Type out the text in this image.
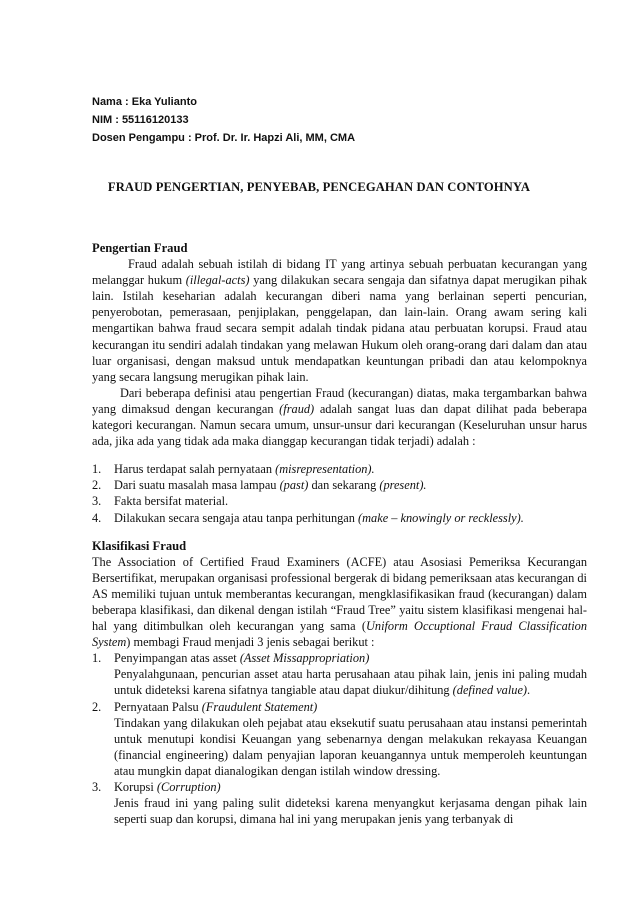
Nama : Eka Yulianto
NIM : 55116120133
Dosen Pengampu : Prof. Dr. Ir. Hapzi Ali, MM, CMA
FRAUD PENGERTIAN, PENYEBAB, PENCEGAHAN DAN CONTOHNYA
Pengertian Fraud

Fraud adalah sebuah istilah di bidang IT yang artinya sebuah perbuatan kecurangan yang melanggar hukum (illegal-acts) yang dilakukan secara sengaja dan sifatnya dapat merugikan pihak lain. Istilah keseharian adalah kecurangan diberi nama yang berlainan seperti pencurian, penyerobotan, pemerasaan, penjiplakan, penggelapan, dan lain-lain. Orang awam sering kali mengartikan bahwa fraud secara sempit adalah tindak pidana atau perbuatan korupsi. Fraud atau kecurangan itu sendiri adalah tindakan yang melawan Hukum oleh orang-orang dari dalam dan atau luar organisasi, dengan maksud untuk mendapatkan keuntungan pribadi dan atau kelompoknya yang secara langsung merugikan pihak lain.

Dari beberapa definisi atau pengertian Fraud (kecurangan) diatas, maka tergambarkan bahwa yang dimaksud dengan kecurangan (fraud) adalah sangat luas dan dapat dilihat pada beberapa kategori kecurangan. Namun secara umum, unsur-unsur dari kecurangan (Keseluruhan unsur harus ada, jika ada yang tidak ada maka dianggap kecurangan tidak terjadi) adalah :

1. Harus terdapat salah pernyataan (misrepresentation).
2. Dari suatu masalah masa lampau (past) dan sekarang (present).
3. Fakta bersifat material.
4. Dilakukan secara sengaja atau tanpa perhitungan (make – knowingly or recklessly).
Klasifikasi Fraud

The Association of Certified Fraud Examiners (ACFE) atau Asosiasi Pemeriksa Kecurangan Bersertifikat, merupakan organisasi professional bergerak di bidang pemeriksaan atas kecurangan di AS memiliki tujuan untuk memberantas kecurangan, mengklasifikasikan fraud (kecurangan) dalam beberapa klasifikasi, dan dikenal dengan istilah “Fraud Tree” yaitu sistem klasifikasi mengenai hal-hal yang ditimbulkan oleh kecurangan yang sama (Uniform Occuptional Fraud Classification System) membagi Fraud menjadi 3 jenis sebagai berikut :

1. Penyimpangan atas asset (Asset Missappropriation)

Penyalahgunaan, pencurian asset atau harta perusahaan atau pihak lain, jenis ini paling mudah untuk dideteksi karena sifatnya tangiable atau dapat diukur/dihitung (defined value).

2. Pernyataan Palsu (Fraudulent Statement)

Tindakan yang dilakukan oleh pejabat atau eksekutif suatu perusahaan atau instansi pemerintah untuk menutupi kondisi Keuangan yang sebenarnya dengan melakukan rekayasa Keuangan (financial engineering) dalam penyajian laporan keuangannya untuk memperoleh keuntungan atau mungkin dapat dianalogikan dengan istilah window dressing.

3. Korupsi (Corruption)

Jenis fraud ini yang paling sulit dideteksi karena menyangkut kerjasama dengan pihak lain seperti suap dan korupsi, dimana hal ini yang merupakan jenis yang terbanyak di
